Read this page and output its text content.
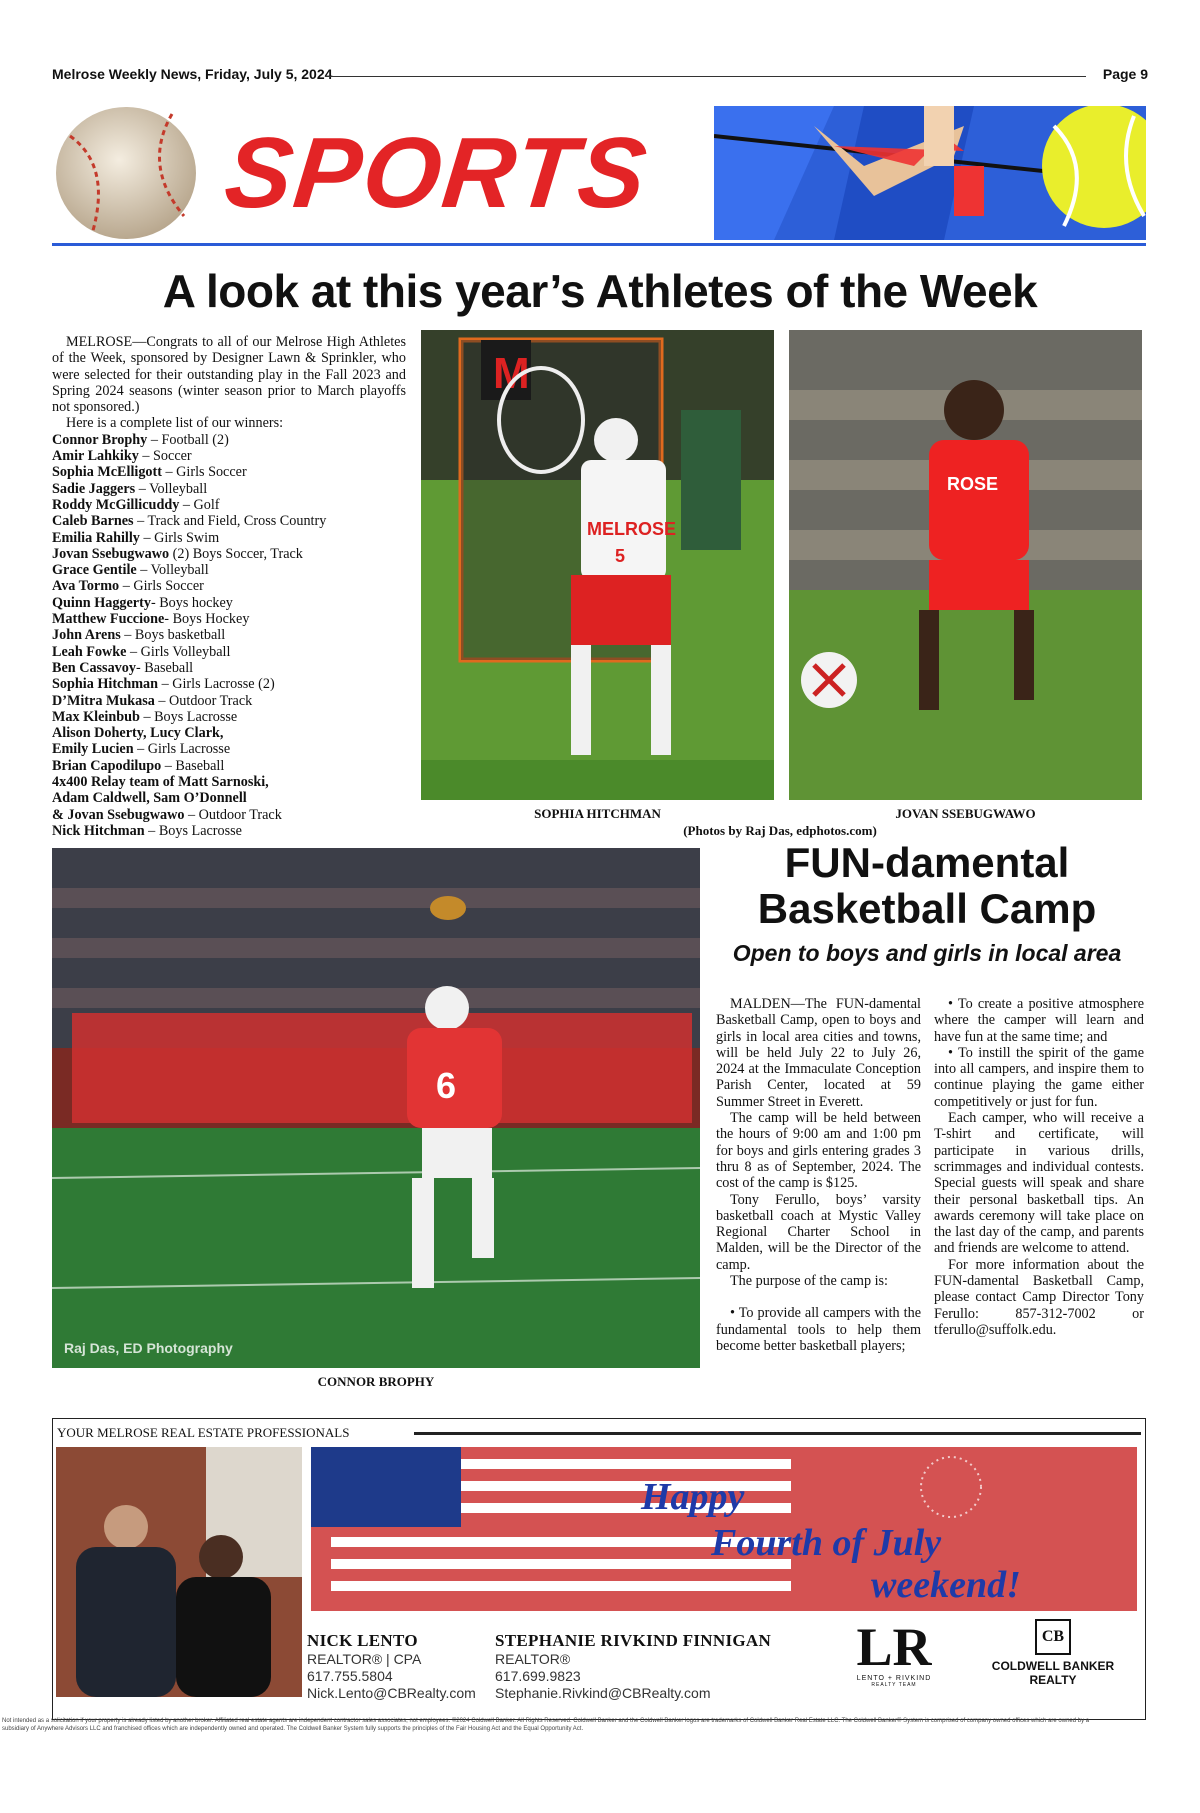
Melrose Weekly News, Friday, July 5, 2024	Page 9
SPORTS
A look at this year’s Athletes of the Week

MELROSE—Congrats to all of our Melrose High Athletes of the Week, sponsored by Designer Lawn & Sprinkler, who were selected for their outstanding play in the Fall 2023 and Spring 2024 seasons (winter season prior to March playoffs not sponsored.)

Here is a complete list of our winners:

Connor Brophy – Football (2)
Amir Lahkiky – Soccer
Sophia McElligott – Girls Soccer
Sadie Jaggers – Volleyball
Roddy McGillicuddy – Golf
Caleb Barnes – Track and Field, Cross Country
Emilia Rahilly – Girls Swim
Jovan Ssebugwawo (2) Boys Soccer, Track
Grace Gentile – Volleyball
Ava Tormo – Girls Soccer
Quinn Haggerty- Boys hockey
Matthew Fuccione- Boys Hockey
John Arens – Boys basketball
Leah Fowke – Girls Volleyball
Ben Cassavoy- Baseball
Sophia Hitchman – Girls Lacrosse (2)
D’Mitra Mukasa – Outdoor Track
Max Kleinbub – Boys Lacrosse
Alison Doherty, Lucy Clark,
Emily Lucien – Girls Lacrosse
Brian Capodilupo – Baseball
4x400 Relay team of Matt Sarnoski,
Adam Caldwell, Sam O’Donnell
& Jovan Ssebugwawo – Outdoor Track
Nick Hitchman – Boys Lacrosse
M
MELROSE
5
SOPHIA HITCHMAN
ROSE
JOVAN SSEBUGWAWO
(Photos by Raj Das, edphotos.com)
6
Raj Das, ED Photography
CONNOR BROPHY
FUN-damental Basketball Camp
Open to boys and girls in local area

MALDEN—The FUN-damental Basketball Camp, open to boys and girls in local area cities and towns, will be held July 22 to July 26, 2024 at the Immaculate Conception Parish Center, located at 59 Summer Street in Everett.

The camp will be held between the hours of 9:00 am and 1:00 pm for boys and girls entering grades 3 thru 8 as of September, 2024. The cost of the camp is $125.

Tony Ferullo, boys’ varsity basketball coach at Mystic Valley Regional Charter School in Malden, will be the Director of the camp.

The purpose of the camp is:

• To provide all campers with the fundamental tools to help them become better basketball players;

• To create a positive atmosphere where the camper will learn and have fun at the same time; and

• To instill the spirit of the game into all campers, and inspire them to continue playing the game either competitively or just for fun.

Each camper, who will receive a T-shirt and certificate, will participate in various drills, scrimmages and individual contests. Special guests will speak and share their personal basketball tips. An awards ceremony will take place on the last day of the camp, and parents and friends are welcome to attend.

For more information about the FUN-damental Basketball Camp, please contact Camp Director Tony Ferullo: 857-312-7002 or tferullo@suffolk.edu.

YOUR MELROSE REAL ESTATE PROFESSIONALS
Happy
Fourth of July
weekend!
NICK LENTO
REALTOR® | CPA
617.755.5804
Nick.Lento@CBRealty.com
STEPHANIE RIVKIND FINNIGAN
REALTOR®
617.699.9823
Stephanie.Rivkind@CBRealty.com
LR
LENTO + RIVKIND
REALTY TEAM
CB
COLDWELL BANKER
REALTY
Not intended as a solicitation if your property is already listed by another broker. Affiliated real estate agents are independent contractor sales associates, not employees. ©2024 Coldwell Banker. All Rights Reserved. Coldwell Banker and the Coldwell Banker logos are trademarks of Coldwell Banker Real Estate LLC. The Coldwell Banker® System is comprised of company owned offices which are owned by a subsidiary of Anywhere Advisors LLC and franchised offices which are independently owned and operated. The Coldwell Banker System fully supports the principles of the Fair Housing Act and the Equal Opportunity Act.
